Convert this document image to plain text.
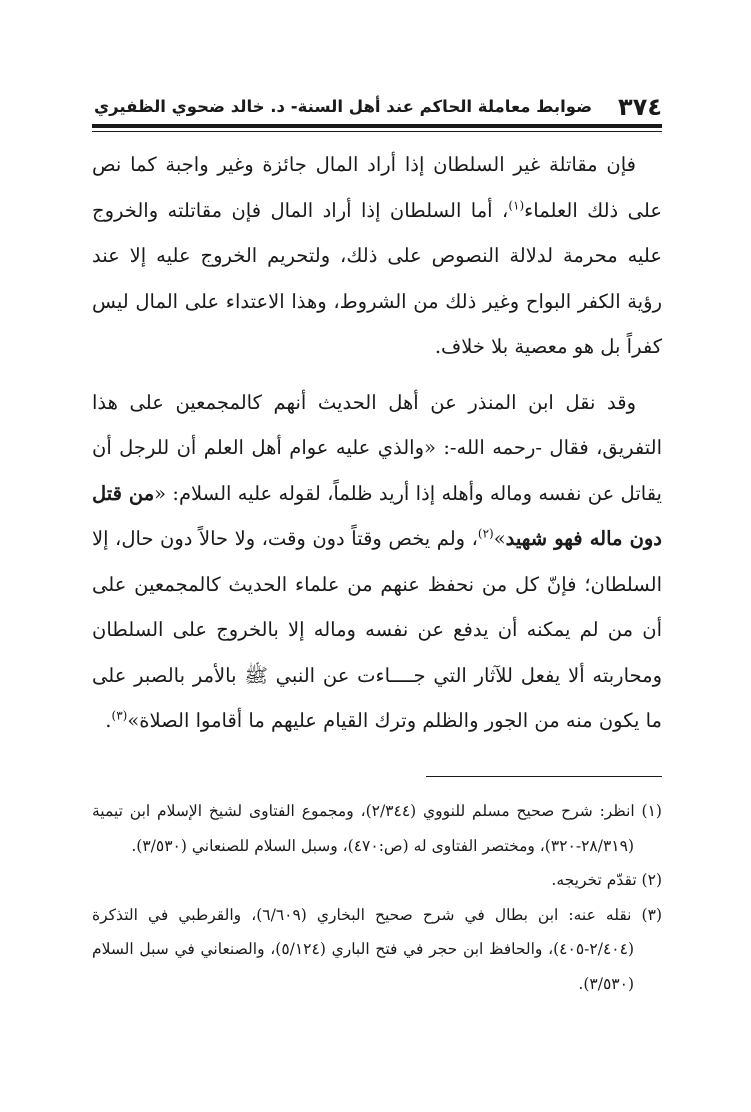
٣٧٤
ضوابط معاملة الحاكم عند أهل السنة- د. خالد ضحوي الظفيري

فإن مقاتلة غير السلطان إذا أراد المال جائزة وغير واجبة كما نص على ذلك العلماء$^{(١)}$، أما السلطان إذا أراد المال فإن مقاتلته والخروج عليه محرمة لدلالة النصوص على ذلك، ولتحريم الخروج عليه إلا عند رؤية الكفر البواح وغير ذلك من الشروط، وهذا الاعتداء على المال ليس كفراً بل هو معصية بلا خلاف.

وقد نقل ابن المنذر عن أهل الحديث أنهم كالمجمعين على هذا التفريق، فقال -رحمه الله-: «والذي عليه عوام أهل العلم أن للرجل أن يقاتل عن نفسه وماله وأهله إذا أريد ظلماً، لقوله عليه السلام: «من قتل دون ماله فهو شهيد»$^{(٢)}$، ولم يخص وقتاً دون وقت، ولا حالاً دون حال، إلا السلطان؛ فإنّ كل من نحفظ عنهم من علماء الحديث كالمجمعين على أن من لم يمكنه أن يدفع عن نفسه وماله إلا بالخروج على السلطان ومحاربته ألا يفعل للآثار التي جــــاءت عن النبي ﷺ بالأمر بالصبر على ما يكون منه من الجور والظلم وترك القيام عليهم ما أقاموا الصلاة»$^{(٣)}$.

(١) انظر: شرح صحيح مسلم للنووي (٢/٣٤٤)، ومجموع الفتاوى لشيخ الإسلام ابن تيمية (٢٨/٣١٩-٣٢٠)، ومختصر الفتاوى له (ص:٤٧٠)، وسبل السلام للصنعاني (٣/٥٣٠).

(٢) تقدّم تخريجه.

(٣) نقله عنه: ابن بطال في شرح صحيح البخاري (٦/٦٠٩)، والقرطبي في التذكرة (٢/٤٠٤-٤٠٥)، والحافظ ابن حجر في فتح الباري (٥/١٢٤)، والصنعاني في سبل السلام (٣/٥٣٠).
